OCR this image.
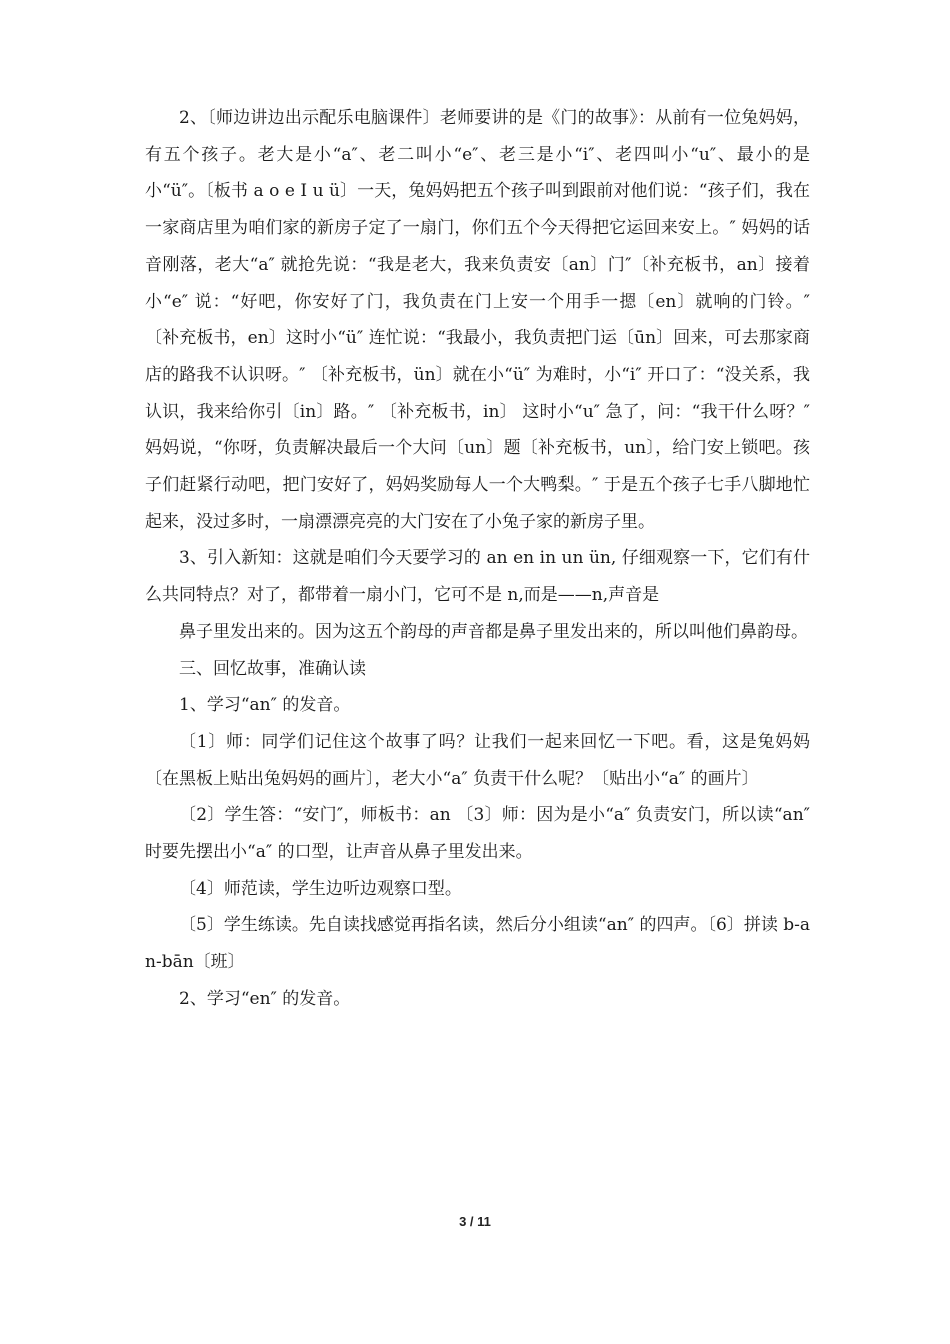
2、〔师边讲边出示配乐电脑课件〕老师要讲的是《门的故事》：从前有一位兔妈妈，有五个孩子。老大是小“a″、老二叫小“e″、老三是小“i″、老四叫小“u″、最小的是小“ü″。〔板书 a o e I u ü〕一天，兔妈妈把五个孩子叫到跟前对他们说：“孩子们，我在一家商店里为咱们家的新房子定了一扇门，你们五个今天得把它运回来安上。″ 妈妈的话音刚落，老大“a″ 就抢先说：“我是老大，我来负责安〔an〕门″〔补充板书，an〕接着小“e″ 说：“好吧，你安好了门，我负责在门上安一个用手一摁〔en〕就响的门铃。″ 〔补充板书，en〕这时小“ü″ 连忙说：“我最小，我负责把门运〔ūn〕回来，可去那家商店的路我不认识呀。″ 〔补充板书，ün〕就在小“ü″ 为难时，小“i″ 开口了：“没关系，我认识，我来给你引〔in〕路。″ 〔补充板书，in〕 这时小“u″ 急了，问：“我干什么呀？″ 妈妈说，“你呀，负责解决最后一个大问〔un〕题〔补充板书，un〕，给门安上锁吧。孩子们赶紧行动吧，把门安好了，妈妈奖励每人一个大鸭梨。″ 于是五个孩子七手八脚地忙起来，没过多时，一扇漂漂亮亮的大门安在了小兔子家的新房子里。

3、引入新知：这就是咱们今天要学习的 an en in un ün, 仔细观察一下，它们有什么共同特点？对了，都带着一扇小门，它可不是 n,而是——n,声音是

鼻子里发出来的。因为这五个韵母的声音都是鼻子里发出来的，所以叫他们鼻韵母。

三、回忆故事，准确认读

1、学习“an″ 的发音。

〔1〕师：同学们记住这个故事了吗？让我们一起来回忆一下吧。看，这是兔妈妈〔在黑板上贴出兔妈妈的画片〕，老大小“a″ 负责干什么呢？〔贴出小“a″ 的画片〕

〔2〕学生答：“安门″，师板书：an 〔3〕师：因为是小“a″ 负责安门，所以读“an″ 时要先摆出小“a″ 的口型，让声音从鼻子里发出来。

〔4〕师范读，学生边听边观察口型。

〔5〕学生练读。先自读找感觉再指名读，然后分小组读“an″ 的四声。〔6〕拼读 b-an-bān〔班〕

2、学习“en″ 的发音。

3 / 11
